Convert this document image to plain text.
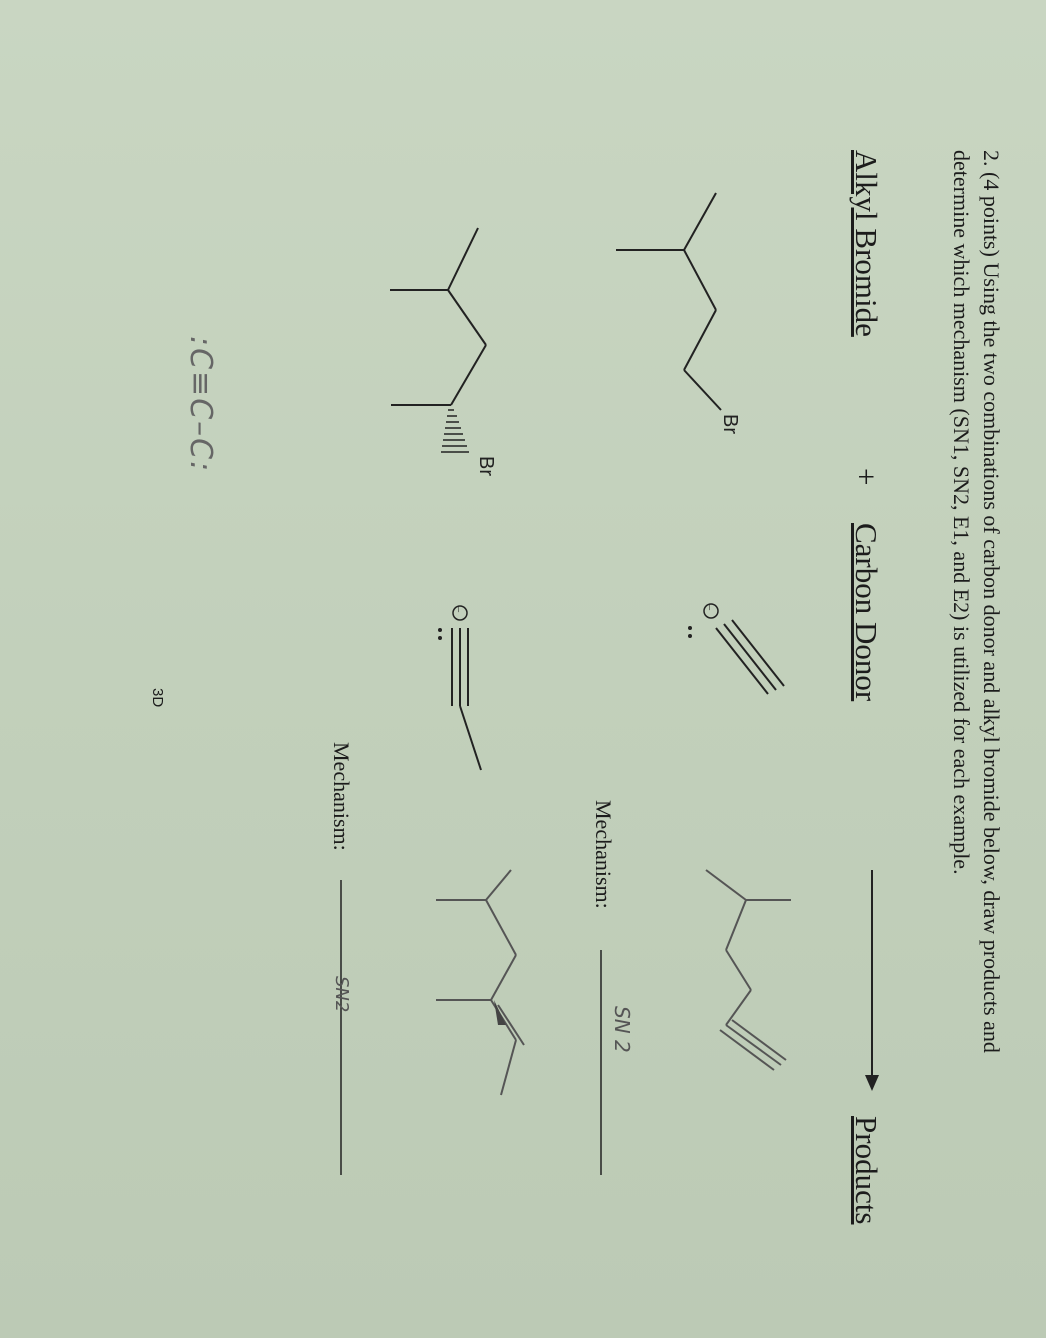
2. (4 points) Using the two combinations of carbon donor and alkyl bromide below, draw products and
determine which mechanism (SN1, SN2, E1, and E2) is utilized for each example.
Alkyl Bromide
+
Carbon Donor
Products
Br
–
Br
–
Mechanism:
SN 2
Mechanism:
SN2
:C≡C–C:
3D
